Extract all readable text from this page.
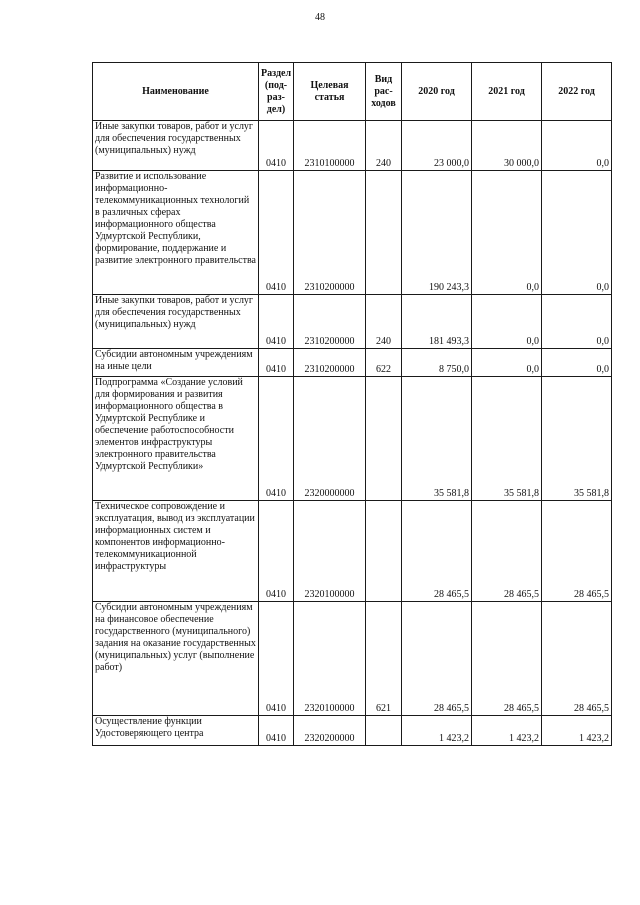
48
Наименование	Раздел (под-раз-дел)	Целевая статья	Вид рас-ходов	2020 год	2021 год	2022 год
Иные закупки товаров, работ и услуг для обеспечения государственных (муниципальных) нужд	0410	2310100000	240	23 000,0	30 000,0	0,0
Развитие и использование информационно-телекоммуникационных технологий в различных сферах информационного общества Удмуртской Республики, формирование, поддержание и развитие электронного правительства	0410	2310200000		190 243,3	0,0	0,0
Иные закупки товаров, работ и услуг для обеспечения государственных (муниципальных) нужд	0410	2310200000	240	181 493,3	0,0	0,0
Субсидии автономным учреждениям на иные цели	0410	2310200000	622	8 750,0	0,0	0,0
Подпрограмма «Создание условий для формирования и развития информационного общества в Удмуртской Республике и обеспечение работоспособности элементов инфраструктуры электронного правительства Удмуртской Республики»	0410	2320000000		35 581,8	35 581,8	35 581,8
Техническое сопровождение и эксплуатация, вывод из эксплуатации информационных систем и компонентов информационно-телекоммуникационной инфраструктуры	0410	2320100000		28 465,5	28 465,5	28 465,5
Субсидии автономным учреждениям на финансовое обеспечение государственного (муниципального) задания на оказание государственных (муниципальных) услуг (выполнение работ)	0410	2320100000	621	28 465,5	28 465,5	28 465,5
Осуществление функции Удостоверяющего центра	0410	2320200000		1 423,2	1 423,2	1 423,2
